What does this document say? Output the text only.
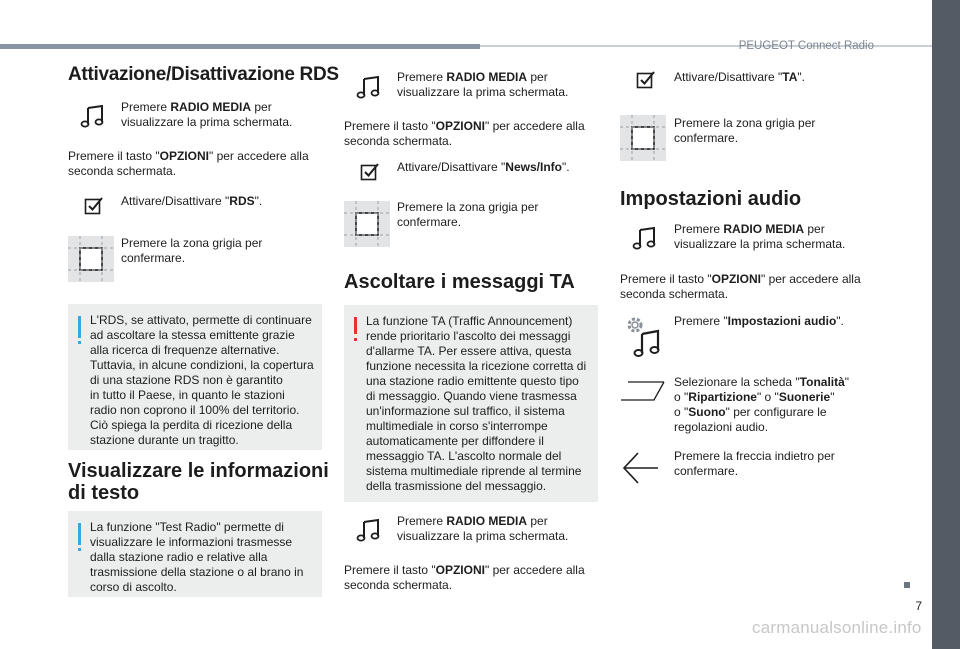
PEUGEOT Connect Radio
7
carmanualsonline.info
Attivazione/Disattivazione RDS
Premere RADIO MEDIA per
visualizzare la prima schermata.
Premere il tasto "OPZIONI" per accedere alla
seconda schermata.
Attivare/Disattivare "RDS".
Premere la zona grigia per
confermare.
L'RDS, se attivato, permette di continuare
ad ascoltare la stessa emittente grazie
alla ricerca di frequenze alternative.
Tuttavia, in alcune condizioni, la copertura
di una stazione RDS non è garantito
in tutto il Paese, in quanto le stazioni
radio non coprono il 100% del territorio.
Ciò spiega la perdita di ricezione della
stazione durante un tragitto.
Visualizzare le informazioni
di testo
La funzione "Test Radio" permette di
visualizzare le informazioni trasmesse
dalla stazione radio e relative alla
trasmissione della stazione o al brano in
corso di ascolto.
Premere RADIO MEDIA per
visualizzare la prima schermata.
Premere il tasto "OPZIONI" per accedere alla
seconda schermata.
Attivare/Disattivare "News/Info".
Premere la zona grigia per
confermare.
Ascoltare i messaggi TA
La funzione TA (Traffic Announcement)
rende prioritario l'ascolto dei messaggi
d'allarme TA. Per essere attiva, questa
funzione necessita la ricezione corretta di
una stazione radio emittente questo tipo
di messaggio. Quando viene trasmessa
un'informazione sul traffico, il sistema
multimediale in corso s'interrompe
automaticamente per diffondere il
messaggio TA. L'ascolto normale del
sistema multimediale riprende al termine
della trasmissione del messaggio.
Premere RADIO MEDIA per
visualizzare la prima schermata.
Premere il tasto "OPZIONI" per accedere alla
seconda schermata.
Attivare/Disattivare "TA".
Premere la zona grigia per
confermare.
Impostazioni audio
Premere RADIO MEDIA per
visualizzare la prima schermata.
Premere il tasto "OPZIONI" per accedere alla
seconda schermata.
Premere "Impostazioni audio".
Selezionare la scheda "Tonalità"
o "Ripartizione" o "Suonerie"
o "Suono" per configurare le
regolazioni audio.
Premere la freccia indietro per
confermare.
